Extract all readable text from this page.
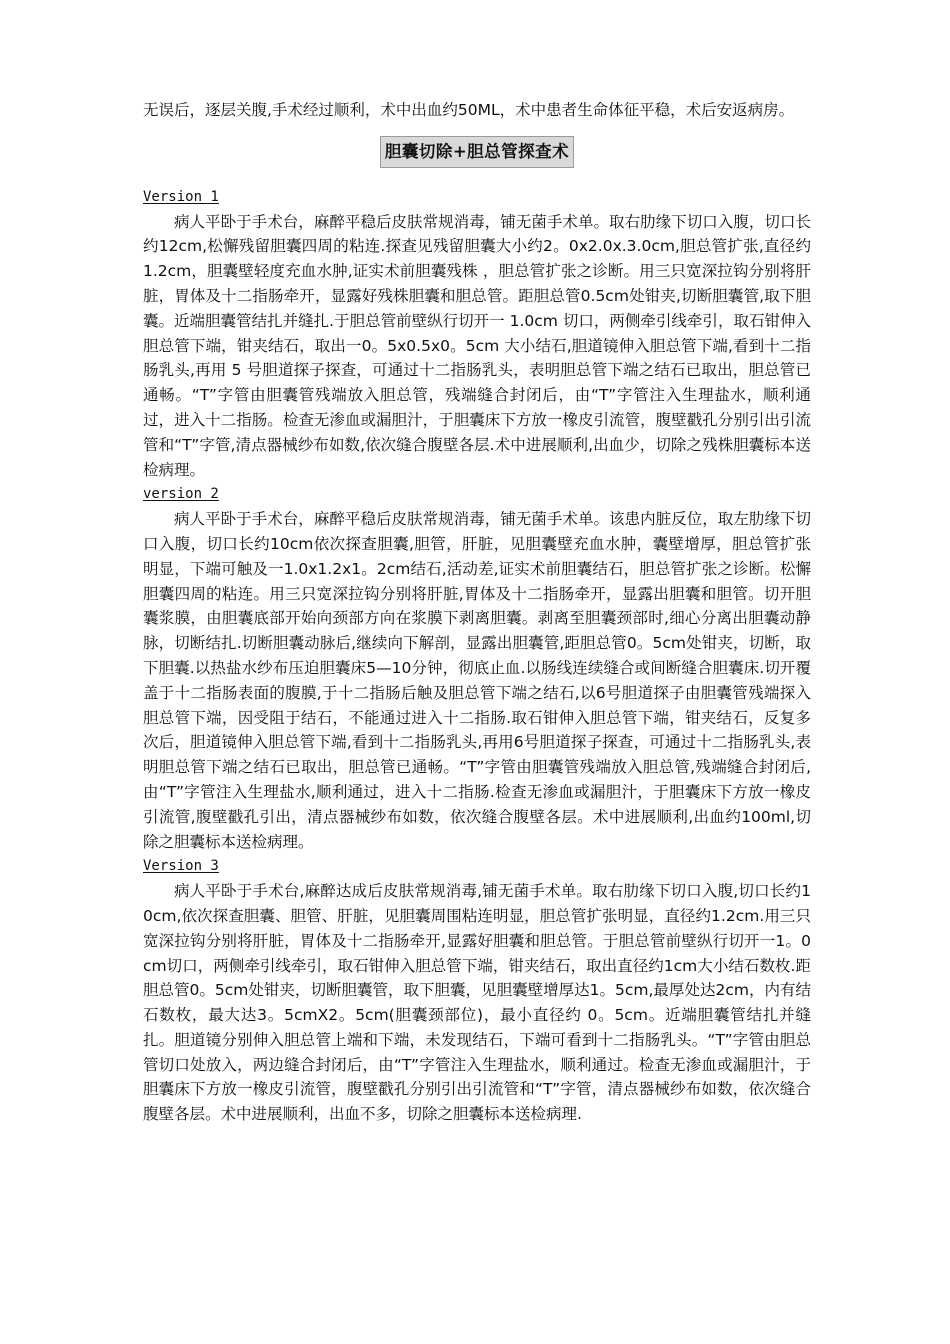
无误后，逐层关腹,手术经过顺利，术中出血约50ML，术中患者生命体征平稳，术后安返病房。

胆囊切除+胆总管探查术

Version 1

病人平卧于手术台，麻醉平稳后皮肤常规消毒，铺无菌手术单。取右肋缘下切口入腹，切口长约12cm,松懈残留胆囊四周的粘连.探查见残留胆囊大小约2。0x2.0x.3.0cm,胆总管扩张,直径约 1.2cm，胆囊壁轻度充血水肿,证实术前胆囊残株 ，胆总管扩张之诊断。用三只宽深拉钩分别将肝脏，胃体及十二指肠牵开，显露好残株胆囊和胆总管。距胆总管0.5cm处钳夹,切断胆囊管,取下胆囊。近端胆囊管结扎并缝扎.于胆总管前壁纵行切开一 1.0cm 切口，两侧牵引线牵引，取石钳伸入胆总管下端，钳夹结石，取出一0。5x0.5x0。5cm 大小结石,胆道镜伸入胆总管下端,看到十二指肠乳头,再用 5 号胆道探子探查，可通过十二指肠乳头，表明胆总管下端之结石已取出，胆总管已通畅。“T”字管由胆囊管残端放入胆总管，残端缝合封闭后，由“T”字管注入生理盐水，顺利通过，进入十二指肠。检查无渗血或漏胆汁，于胆囊床下方放一橡皮引流管，腹壁戳孔分别引出引流管和“T”字管,清点器械纱布如数,依次缝合腹壁各层.术中进展顺利,出血少，切除之残株胆囊标本送检病理。

version 2

病人平卧于手术台，麻醉平稳后皮肤常规消毒，铺无菌手术单。该患内脏反位，取左肋缘下切口入腹，切口长约10cm依次探查胆囊,胆管，肝脏，见胆囊壁充血水肿，囊壁增厚，胆总管扩张明显，下端可触及一1.0x1.2x1。2cm结石,活动差,证实术前胆囊结石，胆总管扩张之诊断。松懈胆囊四周的粘连。用三只宽深拉钩分别将肝脏,胃体及十二指肠牵开，显露出胆囊和胆管。切开胆囊浆膜，由胆囊底部开始向颈部方向在浆膜下剥离胆囊。剥离至胆囊颈部时,细心分离出胆囊动静脉，切断结扎.切断胆囊动脉后,继续向下解剖，显露出胆囊管,距胆总管0。5cm处钳夹，切断，取下胆囊.以热盐水纱布压迫胆囊床5—10分钟，彻底止血.以肠线连续缝合或间断缝合胆囊床.切开覆盖于十二指肠表面的腹膜,于十二指肠后触及胆总管下端之结石,以6号胆道探子由胆囊管残端探入胆总管下端，因受阻于结石，不能通过进入十二指肠.取石钳伸入胆总管下端，钳夹结石，反复多次后，胆道镜伸入胆总管下端,看到十二指肠乳头,再用6号胆道探子探查，可通过十二指肠乳头,表明胆总管下端之结石已取出，胆总管已通畅。“T”字管由胆囊管残端放入胆总管,残端缝合封闭后,由“T”字管注入生理盐水,顺利通过，进入十二指肠.检查无渗血或漏胆汁，于胆囊床下方放一橡皮引流管,腹壁戳孔引出，清点器械纱布如数，依次缝合腹壁各层。术中进展顺利,出血约100ml,切除之胆囊标本送检病理。

Version 3

病人平卧于手术台,麻醉达成后皮肤常规消毒,铺无菌手术单。取右肋缘下切口入腹,切口长约10cm,依次探查胆囊、胆管、肝脏，见胆囊周围粘连明显，胆总管扩张明显，直径约1.2cm.用三只宽深拉钩分别将肝脏，胃体及十二指肠牵开,显露好胆囊和胆总管。于胆总管前壁纵行切开一1。0cm切口，两侧牵引线牵引，取石钳伸入胆总管下端，钳夹结石，取出直径约1cm大小结石数枚.距胆总管0。5cm处钳夹，切断胆囊管，取下胆囊，见胆囊壁增厚达1。5cm,最厚处达2cm，内有结石数枚，最大达3。5cmX2。5cm(胆囊颈部位)，最小直径约 0。5cm。近端胆囊管结扎并缝扎。胆道镜分别伸入胆总管上端和下端，未发现结石，下端可看到十二指肠乳头。“T”字管由胆总管切口处放入，两边缝合封闭后，由“T”字管注入生理盐水，顺利通过。检查无渗血或漏胆汁，于胆囊床下方放一橡皮引流管，腹壁戳孔分别引出引流管和“T”字管，清点器械纱布如数，依次缝合腹壁各层。术中进展顺利，出血不多，切除之胆囊标本送检病理.
